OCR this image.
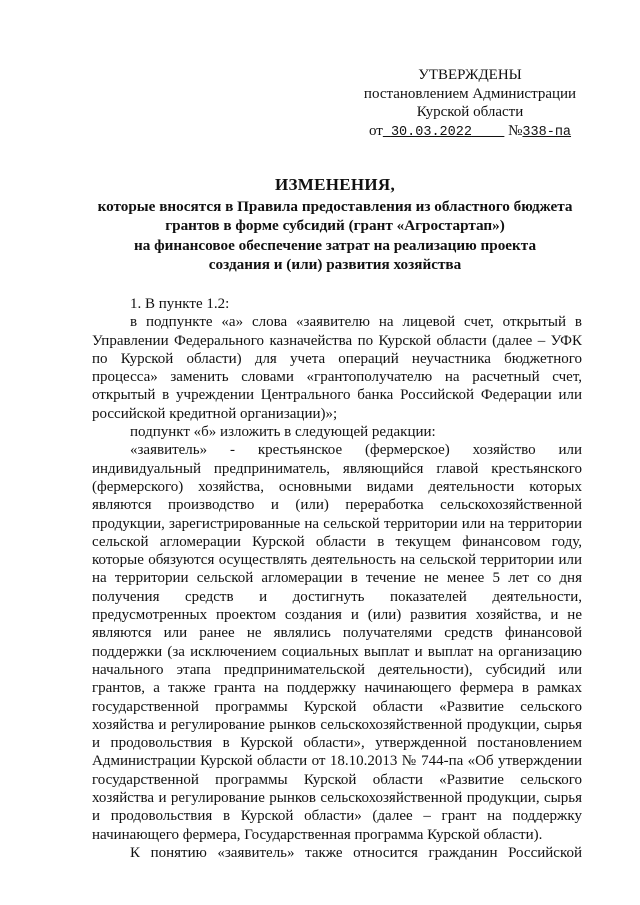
УТВЕРЖДЕНЫ
постановлением Администрации
Курской области
от 30.03.2022 №338-па
ИЗМЕНЕНИЯ,
которые вносятся в Правила предоставления из областного бюджета
грантов в форме субсидий (грант «Агростартап»)
на финансовое обеспечение затрат на реализацию проекта
создания и (или) развития хозяйства

1. В пункте 1.2:

в подпункте «а» слова «заявителю на лицевой счет, открытый в Управлении Федерального казначейства по Курской области (далее – УФК по Курской области) для учета операций неучастника бюджетного процесса» заменить словами «грантополучателю на расчетный счет, открытый в учреждении Центрального банка Российской Федерации или российской кредитной организации)»;

подпункт «б» изложить в следующей редакции:

«заявитель» - крестьянское (фермерское) хозяйство или индивидуальный предприниматель, являющийся главой крестьянского (фермерского) хозяйства, основными видами деятельности которых являются производство и (или) переработка сельскохозяйственной продукции, зарегистрированные на сельской территории или на территории сельской агломерации Курской области в текущем финансовом году, которые обязуются осуществлять деятельность на сельской территории или на территории сельской агломерации в течение не менее 5 лет со дня получения средств и достигнуть показателей деятельности, предусмотренных проектом создания и (или) развития хозяйства, и не являются или ранее не являлись получателями средств финансовой поддержки (за исключением социальных выплат и выплат на организацию начального этапа предпринимательской деятельности), субсидий или грантов, а также гранта на поддержку начинающего фермера в рамках государственной программы Курской области «Развитие сельского хозяйства и регулирование рынков сельскохозяйственной продукции, сырья и продовольствия в Курской области», утвержденной постановлением Администрации Курской области от 18.10.2013 № 744-па «Об утверждении государственной программы Курской области «Развитие сельского хозяйства и регулирование рынков сельскохозяйственной продукции, сырья и продовольствия в Курской области» (далее – грант на поддержку начинающего фермера, Государственная программа Курской области).

К понятию «заявитель» также относится гражданин Российской
